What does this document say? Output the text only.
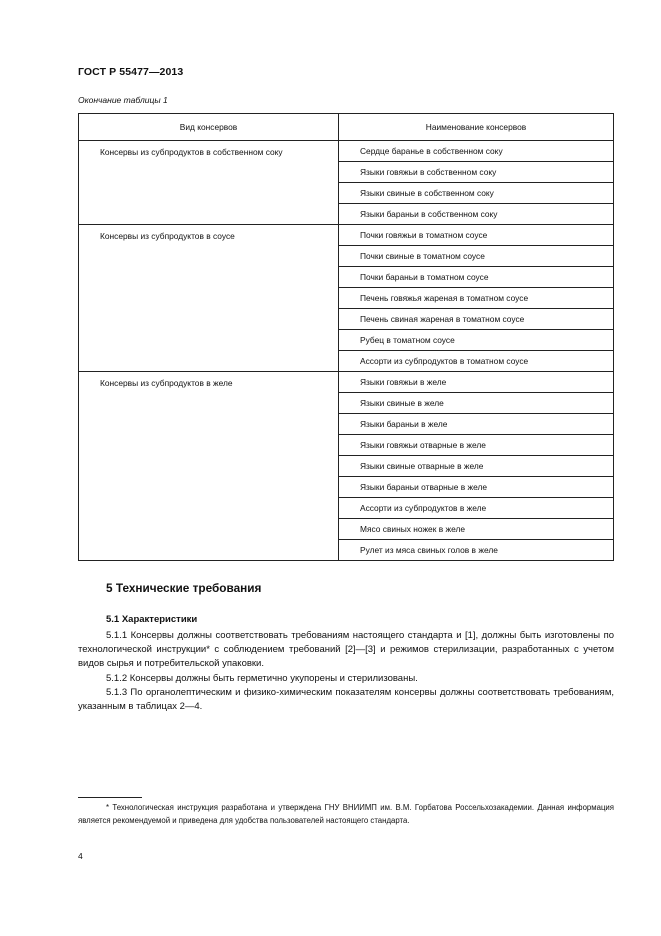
ГОСТ Р 55477—2013
Окончание таблицы 1
Вид консервов	Наименование консервов
Консервы из субпродуктов в собственном соку	Сердце баранье в собственном соку
	Языки говяжьи в собственном соку
	Языки свиные в собственном соку
	Языки бараньи в собственном соку
Консервы из субпродуктов в соусе	Почки говяжьи в томатном соусе
	Почки свиные в томатном соусе
	Почки бараньи в томатном соусе
	Печень говяжья жареная в томатном соусе
	Печень свиная жареная в томатном соусе
	Рубец в томатном соусе
	Ассорти из субпродуктов в томатном соусе
Консервы из субпродуктов в желе	Языки говяжьи в желе
	Языки свиные в желе
	Языки бараньи в желе
	Языки говяжьи отварные в желе
	Языки свиные отварные в желе
	Языки бараньи отварные в желе
	Ассорти из субпродуктов в желе
	Мясо свиных ножек в желе
	Рулет из мяса свиных голов в желе
5 Технические требования
5.1 Характеристики
5.1.1 Консервы должны соответствовать требованиям настоящего стандарта и [1], должны быть изготовлены по технологической инструкции* с соблюдением требований [2]—[3] и режимов стерилизации, разработанных с учетом видов сырья и потребительской упаковки.
5.1.2 Консервы должны быть герметично укупорены и стерилизованы.
5.1.3 По органолептическим и физико-химическим показателям консервы должны соответствовать требованиям, указанным в таблицах 2—4.
* Технологическая инструкция разработана и утверждена ГНУ ВНИИМП им. В.М. Горбатова Россельхозакадемии. Данная информация является рекомендуемой и приведена для удобства пользователей настоящего стандарта.
4
